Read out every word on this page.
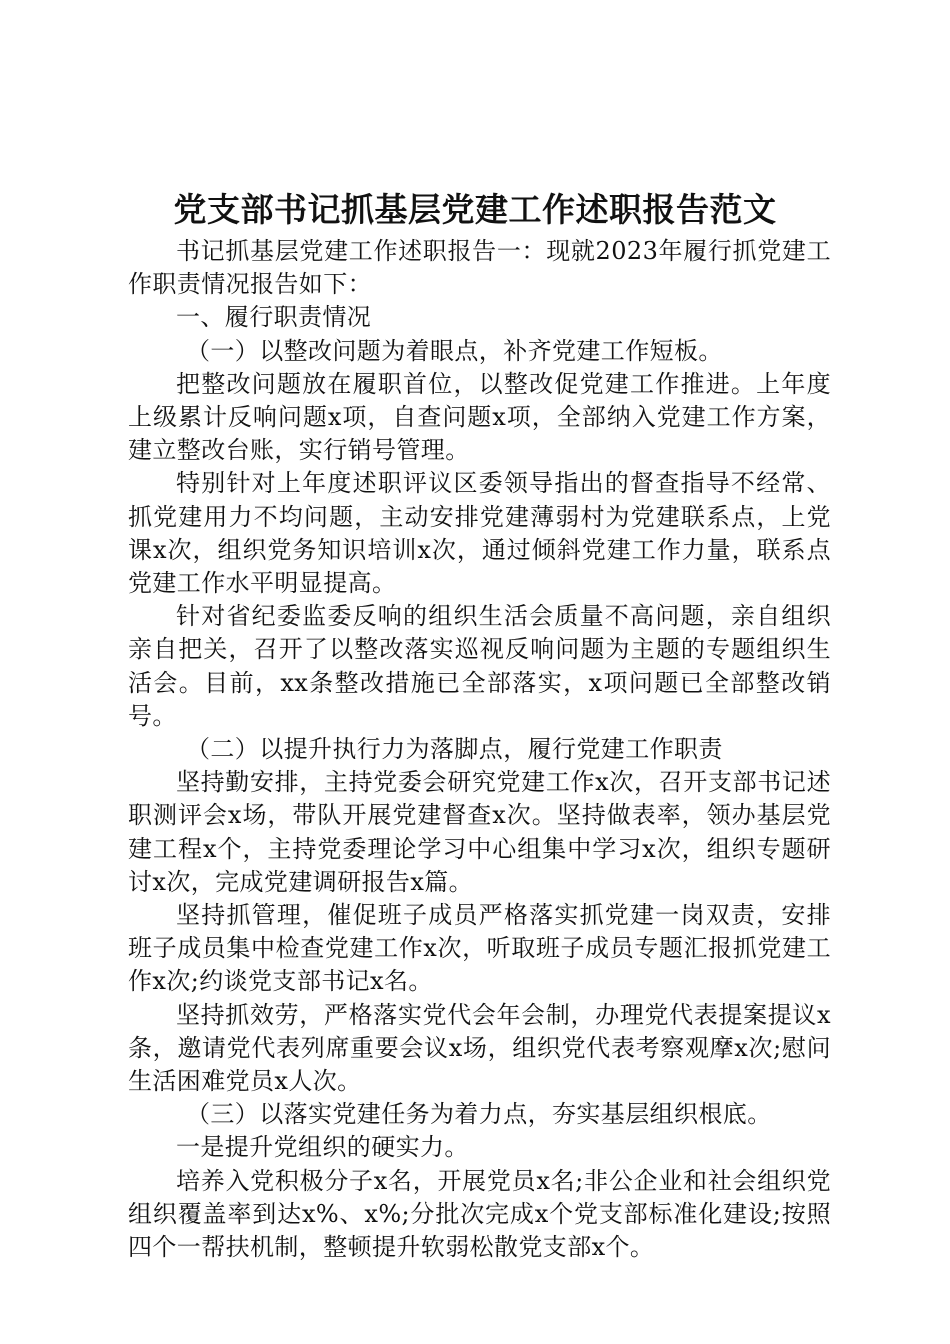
党支部书记抓基层党建工作述职报告范文

书记抓基层党建工作述职报告一：现就2023年履行抓党建工作职责情况报告如下：

一、履行职责情况

（一）以整改问题为着眼点，补齐党建工作短板。

把整改问题放在履职首位，以整改促党建工作推进。上年度上级累计反响问题x项，自查问题x项，全部纳入党建工作方案，建立整改台账，实行销号管理。

特别针对上年度述职评议区委领导指出的督查指导不经常、抓党建用力不均问题，主动安排党建薄弱村为党建联系点，上党课x次，组织党务知识培训x次，通过倾斜党建工作力量，联系点党建工作水平明显提高。

针对省纪委监委反响的组织生活会质量不高问题，亲自组织亲自把关，召开了以整改落实巡视反响问题为主题的专题组织生活会。目前，xx条整改措施已全部落实，x项问题已全部整改销号。

（二）以提升执行力为落脚点，履行党建工作职责

坚持勤安排，主持党委会研究党建工作x次，召开支部书记述职测评会x场，带队开展党建督查x次。坚持做表率，领办基层党建工程x个，主持党委理论学习中心组集中学习x次，组织专题研讨x次，完成党建调研报告x篇。

坚持抓管理，催促班子成员严格落实抓党建一岗双责，安排班子成员集中检查党建工作x次，听取班子成员专题汇报抓党建工作x次;约谈党支部书记x名。

坚持抓效劳，严格落实党代会年会制，办理党代表提案提议x条，邀请党代表列席重要会议x场，组织党代表考察观摩x次;慰问生活困难党员x人次。

（三）以落实党建任务为着力点，夯实基层组织根底。

一是提升党组织的硬实力。

培养入党积极分子x名，开展党员x名;非公企业和社会组织党组织覆盖率到达x%、x%;分批次完成x个党支部标准化建设;按照四个一帮扶机制，整顿提升软弱松散党支部x个。
